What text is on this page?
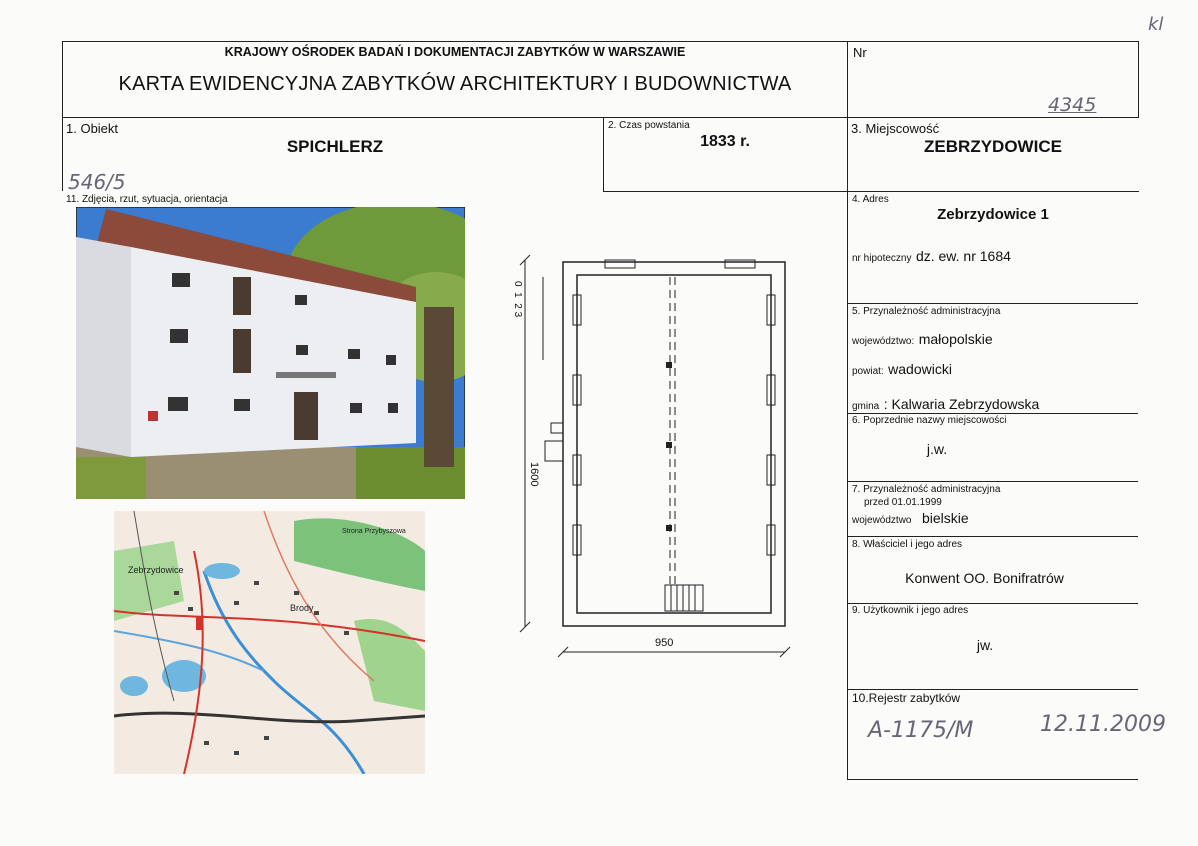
kl
KRAJOWY OŚRODEK BADAŃ I DOKUMENTACJI ZABYTKÓW W WARSZAWIE
KARTA EWIDENCYJNA ZABYTKÓW ARCHITEKTURY I BUDOWNICTWA
Nr
4345
1. Obiekt
SPICHLERZ
546/5
2. Czas powstania
1833 r.
3. Miejscowość
ZEBRZYDOWICE
11. Zdjęcia, rzut, sytuacja, orientacja	4. Adres
Zebrzydowice 1
nr hipoteczny dz. ew. nr 1684
5. Przynależność administracyjna
województwo: małopolskie
powiat: wadowicki
gmina : Kalwaria Zebrzydowska
6. Poprzednie nazwy miejscowości
j.w.
7. Przynależność administracyjna
przed 01.01.1999
województwo bielskie
8. Właściciel i jego adres
Konwent OO. Bonifratrów
9. Użytkownik i jego adres
jw.
10.Rejestr zabytków
A-1175/M	12.11.2009
0  1  2 3
1600
950
Zebrzydowice
Brody
Strona Przybyszowa
